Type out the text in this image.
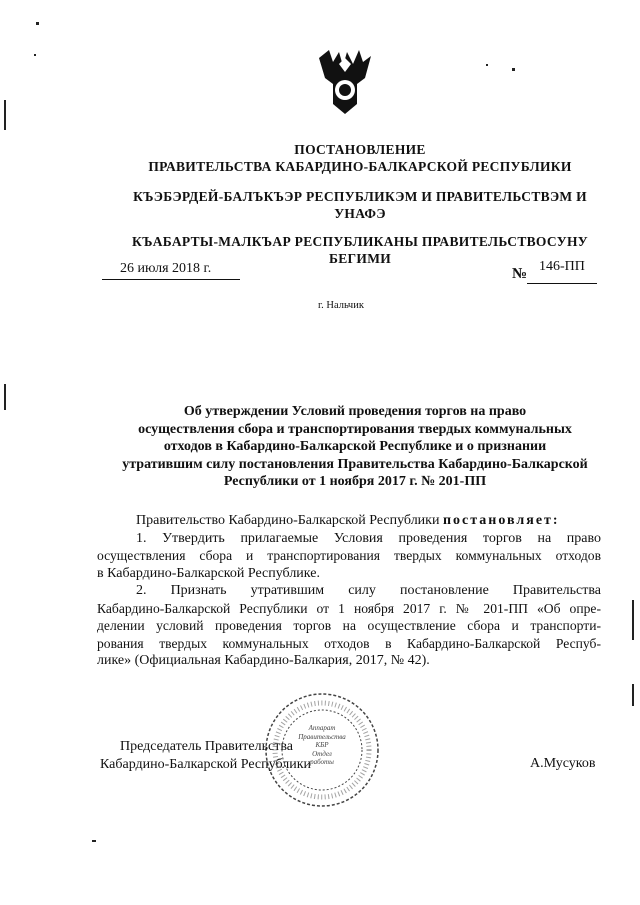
ПОСТАНОВЛЕНИЕ
ПРАВИТЕЛЬСТВА КАБАРДИНО-БАЛКАРСКОЙ РЕСПУБЛИКИ
КЪЭБЭРДЕЙ-БАЛЪКЪЭР РЕСПУБЛИКЭМ И ПРАВИТЕЛЬСТВЭМ И
УНАФЭ
КЪАБАРТЫ-МАЛКЪАР РЕСПУБЛИКАНЫ ПРАВИТЕЛЬСТВОСУНУ
БЕГИМИ
26 июля 2018 г.	№ 146-ПП
г. Нальчик
Об утверждении Условий проведения торгов на право
осуществления сбора и транспортирования твердых коммунальных
отходов в Кабардино-Балкарской Республике и о признании
утратившим силу постановления Правительства Кабардино-Балкарской
Республики от 1 ноября 2017 г. № 201-ПП
Правительство Кабардино-Балкарской Республики постановляет:
1. Утвердить прилагаемые Условия проведения торгов на право
осуществления сбора и транспортирования твердых коммунальных отходов
в Кабардино-Балкарской Республике.
2. Признать утратившим силу постановление Правительства
Кабардино-Балкарской Республики от 1 ноября 2017 г. № 201-ПП «Об опре-
делении условий проведения торгов на осуществление сбора и транспорти-
рования твердых коммунальных отходов в Кабардино-Балкарской Респуб-
лике» (Официальная Кабардино-Балкария, 2017, № 42).
Аппарат
Правительства
КБР
Отдел
работы
Председатель Правительства
Кабардино-Балкарской Республики	А.Мусуков
